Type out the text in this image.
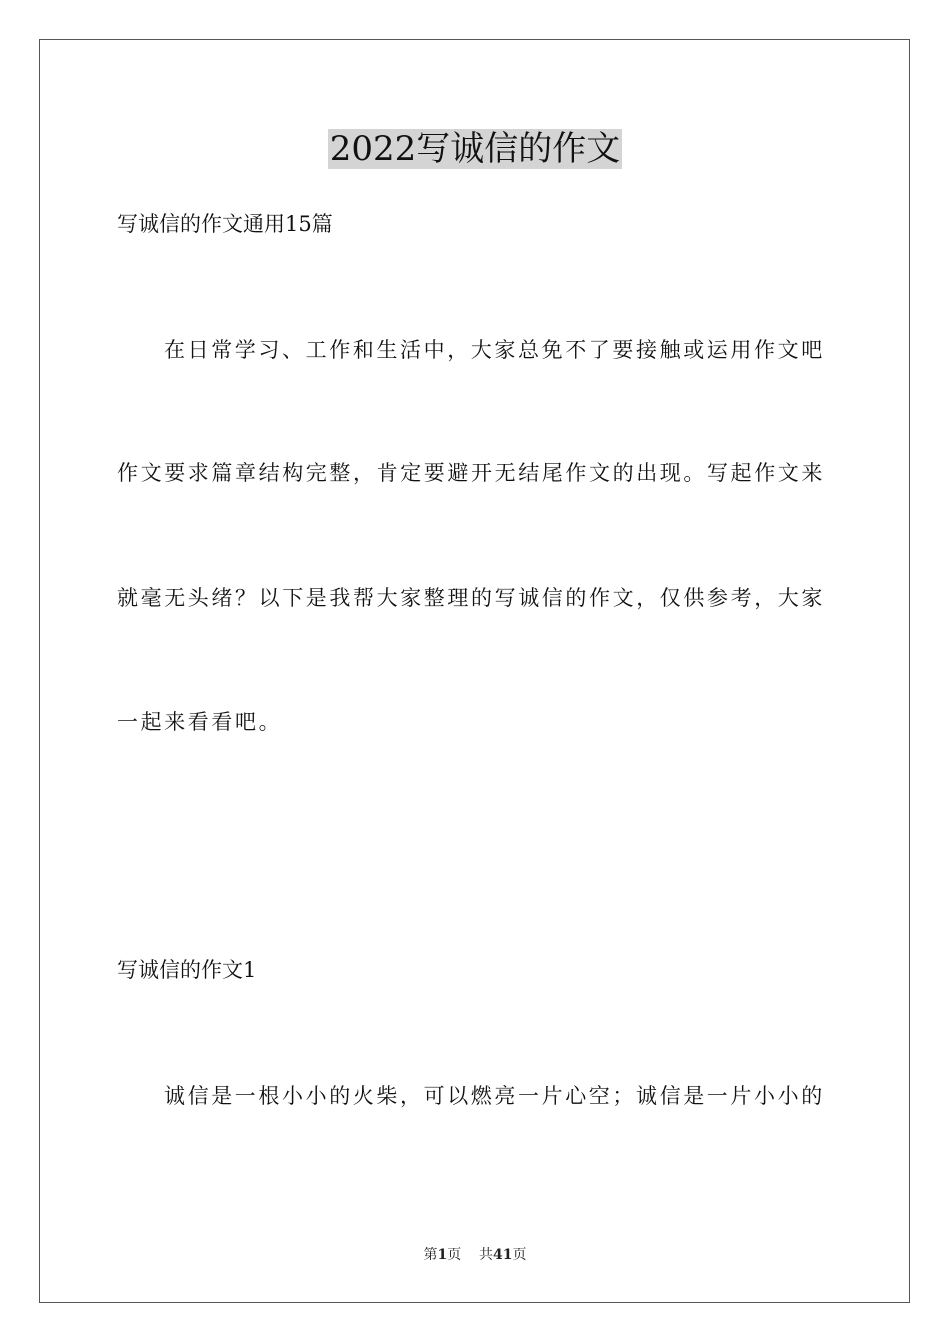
2022写诚信的作文
写诚信的作文通用15篇
在日常学习、工作和生活中，大家总免不了要接触或运用作文吧
作文要求篇章结构完整，肯定要避开无结尾作文的出现。写起作文来
就毫无头绪？以下是我帮大家整理的写诚信的作文，仅供参考，大家
一起来看看吧。
写诚信的作文1
诚信是一根小小的火柴，可以燃亮一片心空；诚信是一片小小的
第1页 共41页
